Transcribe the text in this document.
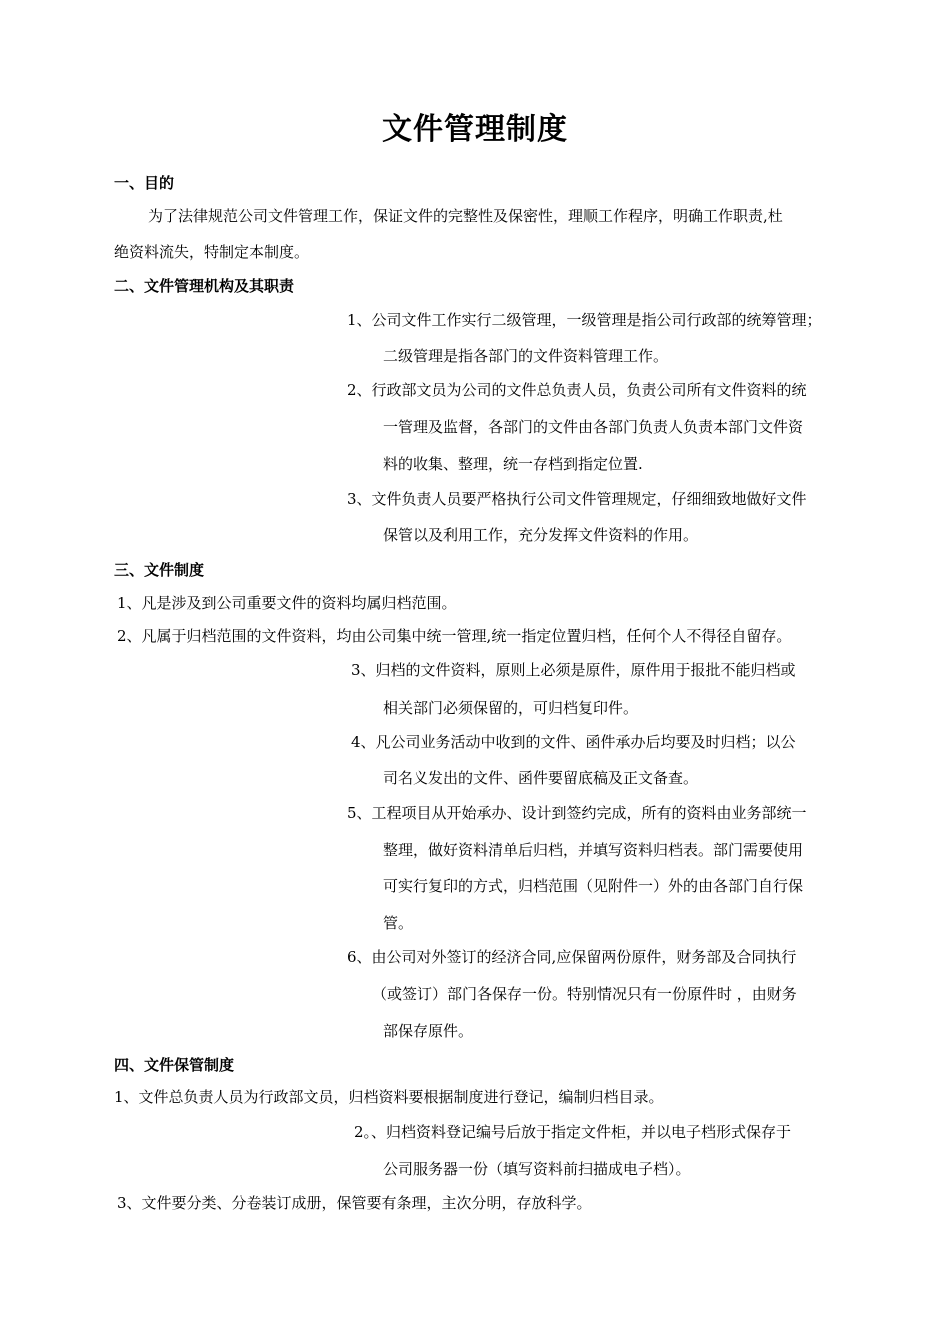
文件管理制度
一、目的
为了法律规范公司文件管理工作，保证文件的完整性及保密性，理顺工作程序，明确工作职责,杜
绝资料流失，特制定本制度。
二、文件管理机构及其职责
1、公司文件工作实行二级管理，一级管理是指公司行政部的统筹管理；
二级管理是指各部门的文件资料管理工作。
2、行政部文员为公司的文件总负责人员，负责公司所有文件资料的统
一管理及监督，各部门的文件由各部门负责人负责本部门文件资
料的收集、整理，统一存档到指定位置.
3、文件负责人员要严格执行公司文件管理规定，仔细细致地做好文件
保管以及利用工作，充分发挥文件资料的作用。
三、文件制度
1、凡是涉及到公司重要文件的资料均属归档范围。
2、凡属于归档范围的文件资料，均由公司集中统一管理,统一指定位置归档，任何个人不得径自留存。
3、归档的文件资料，原则上必须是原件，原件用于报批不能归档或
相关部门必须保留的，可归档复印件。
4、凡公司业务活动中收到的文件、函件承办后均要及时归档；以公
司名义发出的文件、函件要留底稿及正文备查。
5、工程项目从开始承办、设计到签约完成，所有的资料由业务部统一
整理，做好资料清单后归档，并填写资料归档表。部门需要使用
可实行复印的方式，归档范围（见附件一）外的由各部门自行保
管。
6、由公司对外签订的经济合同,应保留两份原件，财务部及合同执行
（或签订）部门各保存一份。特别情况只有一份原件时 ，由财务
部保存原件。
四、文件保管制度
1、文件总负责人员为行政部文员，归档资料要根据制度进行登记，编制归档目录。
2。、归档资料登记编号后放于指定文件柜，并以电子档形式保存于
公司服务器一份（填写资料前扫描成电子档）。
3、文件要分类、分卷装订成册，保管要有条理，主次分明，存放科学。
